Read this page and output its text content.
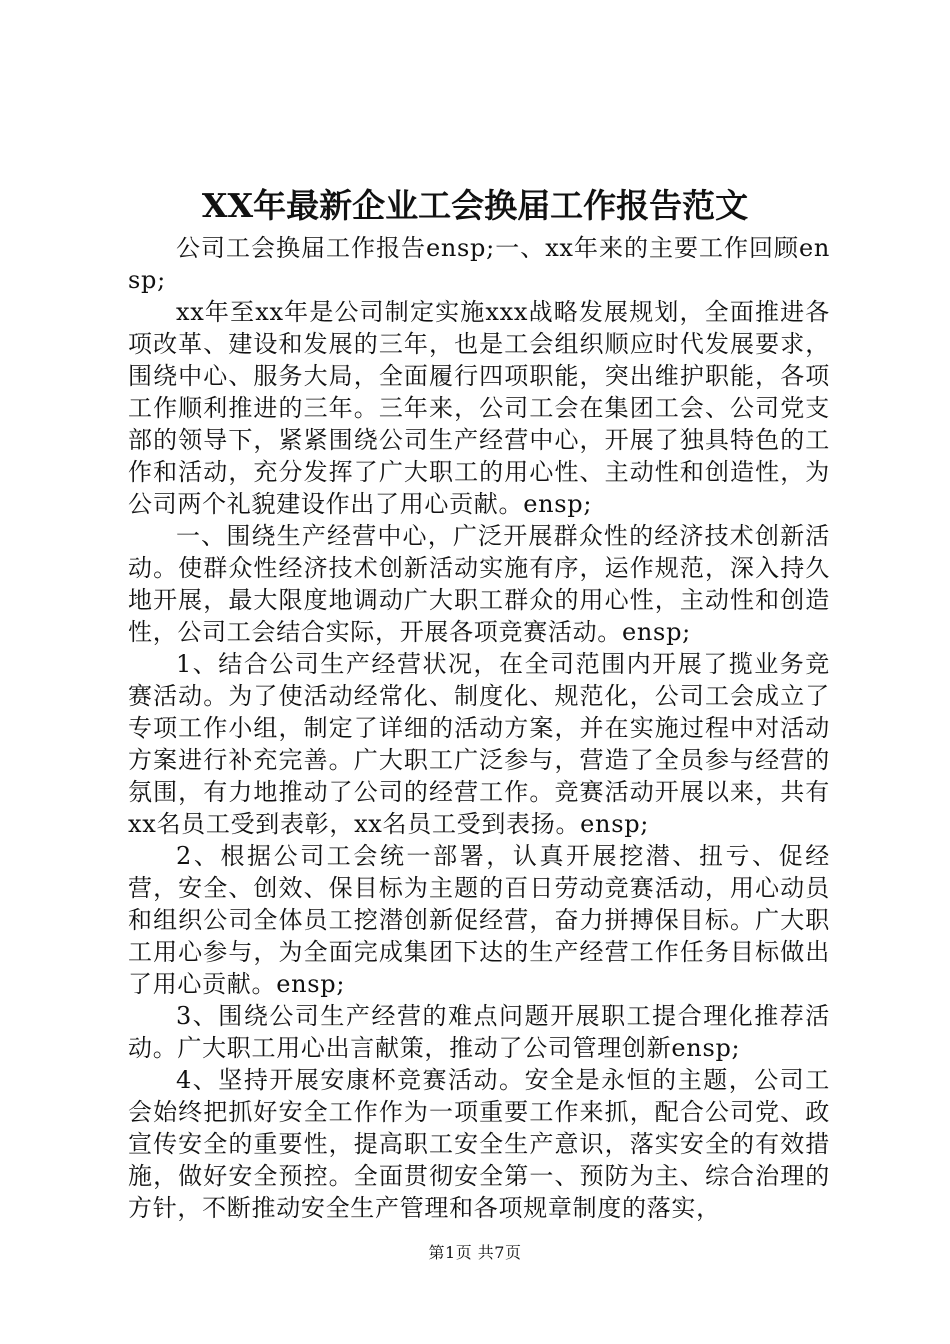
XX年最新企业工会换届工作报告范文

公司工会换届工作报告ensp;一、xx年来的主要工作回顾ensp;

xx年至xx年是公司制定实施xxx战略发展规划，全面推进各项改革、建设和发展的三年，也是工会组织顺应时代发展要求，围绕中心、服务大局，全面履行四项职能，突出维护职能，各项工作顺利推进的三年。三年来，公司工会在集团工会、公司党支部的领导下，紧紧围绕公司生产经营中心，开展了独具特色的工作和活动，充分发挥了广大职工的用心性、主动性和创造性，为公司两个礼貌建设作出了用心贡献。ensp;

一、围绕生产经营中心，广泛开展群众性的经济技术创新活动。使群众性经济技术创新活动实施有序，运作规范，深入持久地开展，最大限度地调动广大职工群众的用心性，主动性和创造性，公司工会结合实际，开展各项竞赛活动。ensp;

1、结合公司生产经营状况，在全司范围内开展了揽业务竞赛活动。为了使活动经常化、制度化、规范化，公司工会成立了专项工作小组，制定了详细的活动方案，并在实施过程中对活动方案进行补充完善。广大职工广泛参与，营造了全员参与经营的氛围，有力地推动了公司的经营工作。竞赛活动开展以来，共有xx名员工受到表彰，xx名员工受到表扬。ensp;

2、根据公司工会统一部署，认真开展挖潜、扭亏、促经营，安全、创效、保目标为主题的百日劳动竞赛活动，用心动员和组织公司全体员工挖潜创新促经营，奋力拼搏保目标。广大职工用心参与，为全面完成集团下达的生产经营工作任务目标做出了用心贡献。ensp;

3、围绕公司生产经营的难点问题开展职工提合理化推荐活动。广大职工用心出言献策，推动了公司管理创新ensp;

4、坚持开展安康杯竞赛活动。安全是永恒的主题，公司工会始终把抓好安全工作作为一项重要工作来抓，配合公司党、政宣传安全的重要性，提高职工安全生产意识，落实安全的有效措施，做好安全预控。全面贯彻安全第一、预防为主、综合治理的方针，不断推动安全生产管理和各项规章制度的落实，

第1页 共7页
